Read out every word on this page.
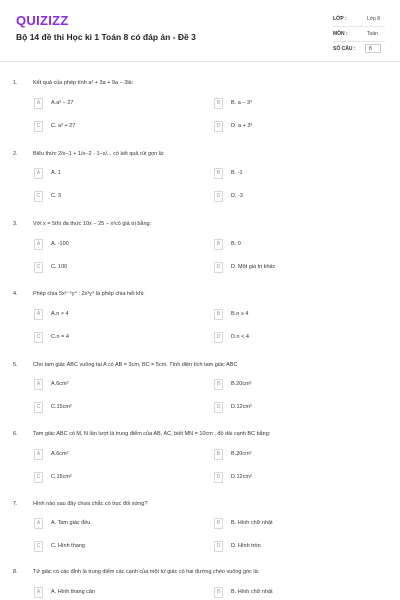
QUIZIZZ
Bộ 14 đề thi Học kì 1 Toán 8 có đáp án - Đề 3
LỚP :	Lớp 8
MÔN :	Toán
SỐ CÂU :	8
1.	Kết quả của phép tính a³ + 3a + 9a − 3là:
A	A.a³ − 27	B	B. a − 3³
C	C. a³ + 27	D	D. a + 3³
2.	Biểu thức 2/x−1 + 1/x−2 · 1−x/... có kết quả rút gọn là:
A	A. 1	B	B. -1
C	C. 3	D	D. -3
3.	Với x = 5thì đa thức 10x − 25 − x²có giá trị bằng:
A	A. -100	B	B. 0
C	C. 100	D	D. Một giá trị khác
4.	Phép chia 5x⁶⁻¹y⁴ : 2x³y⁴ là phép chia hết khi:
A	A.n > 4	B	B.n ≥ 4
C	C.n = 4	D	D.n < 4
5.	Cho tam giác ABC vuông tại A có AB = 3cm, BC = 5cm. Tính diện tích tam giác ABC
A	A.6cm²	B	B.20cm²
C	C.15cm²	D	D.12cm²
6.	Tam giác ABC có M, N lần lượt là trung điểm của AB, AC, biết MN = 10cm , độ dài cạnh BC bằng:
A	A.6cm²	B	B.20cm²
C	C.15cm²	D	D.12cm²
7.	Hình nào sau đây chưa chắc có trục đối xứng?
A	A. Tam giác đều	B	B. Hình chữ nhật
C	C. Hình thang	D	D. Hình tròn
8.	Tứ giác có các đỉnh là trung điểm các cạnh của một tứ giác có hai đường chéo vuông góc là:
A	A. Hình thang cân	B	B. Hình chữ nhật
